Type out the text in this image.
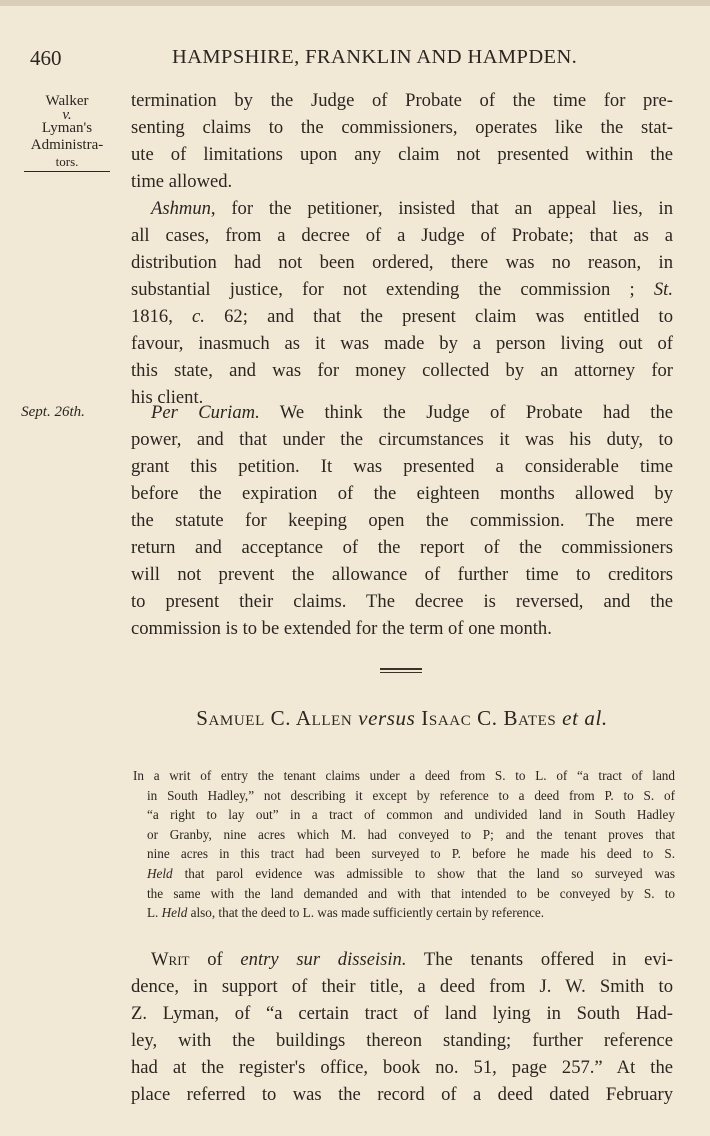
460	HAMPSHIRE, FRANKLIN AND HAMPDEN.
Walker
v.
Lyman's
Administra-
tors.
Sept. 26th.
termination by the Judge of Probate of the time for pre-
senting claims to the commissioners, operates like the stat-
ute of limitations upon any claim not presented within the
time allowed.
Ashmun, for the petitioner, insisted that an appeal lies, in
all cases, from a decree of a Judge of Probate; that as a
distribution had not been ordered, there was no reason, in
substantial justice, for not extending the commission ; St.
1816, c. 62; and that the present claim was entitled to
favour, inasmuch as it was made by a person living out of
this state, and was for money collected by an attorney for
his client.
Per Curiam. We think the Judge of Probate had the
power, and that under the circumstances it was his duty, to
grant this petition. It was presented a considerable time
before the expiration of the eighteen months allowed by
the statute for keeping open the commission. The mere
return and acceptance of the report of the commissioners
will not prevent the allowance of further time to creditors
to present their claims. The decree is reversed, and the
commission is to be extended for the term of one month.
Samuel C. Allen versus Isaac C. Bates et al.
In a writ of entry the tenant claims under a deed from S. to L. of “a tract of land
in South Hadley,” not describing it except by reference to a deed from P. to S. of
“a right to lay out” in a tract of common and undivided land in South Hadley
or Granby, nine acres which M. had conveyed to P; and the tenant proves that
nine acres in this tract had been surveyed to P. before he made his deed to S.
Held that parol evidence was admissible to show that the land so surveyed was
the same with the land demanded and with that intended to be conveyed by S. to
L. Held also, that the deed to L. was made sufficiently certain by reference.
Writ of entry sur disseisin. The tenants offered in evi-
dence, in support of their title, a deed from J. W. Smith to
Z. Lyman, of “a certain tract of land lying in South Had-
ley, with the buildings thereon standing; further reference
had at the register's office, book no. 51, page 257.” At the
place referred to was the record of a deed dated February
